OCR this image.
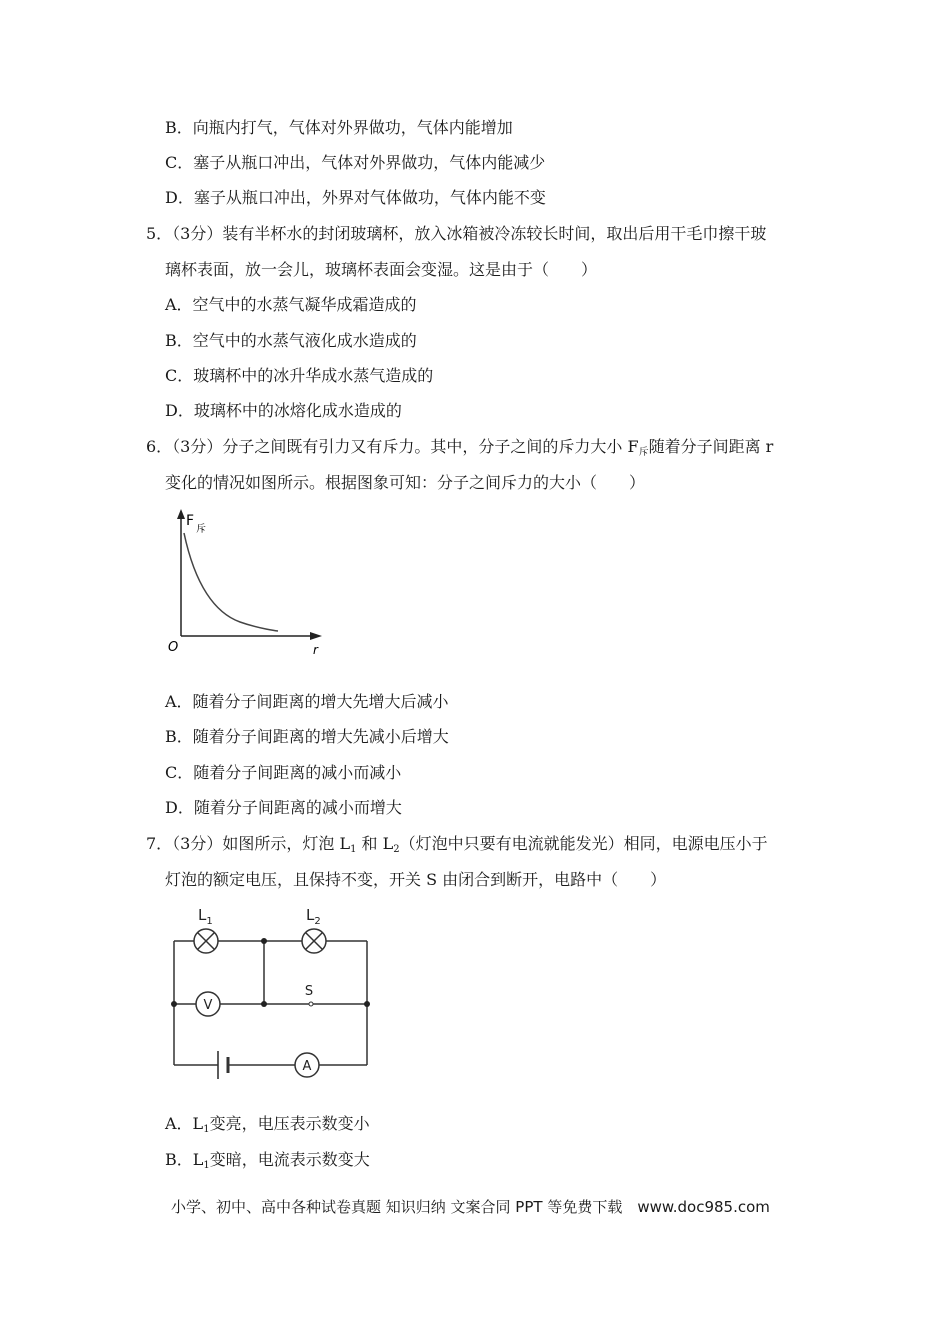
B．向瓶内打气，气体对外界做功，气体内能增加
C．塞子从瓶口冲出，气体对外界做功，气体内能减少
D．塞子从瓶口冲出，外界对气体做功，气体内能不变
5．（3分）装有半杯水的封闭玻璃杯，放入冰箱被冷冻较长时间，取出后用干毛巾擦干玻
璃杯表面，放一会儿，玻璃杯表面会变湿。这是由于（　　）
A．空气中的水蒸气凝华成霜造成的
B．空气中的水蒸气液化成水造成的
C．玻璃杯中的冰升华成水蒸气造成的
D．玻璃杯中的冰熔化成水造成的
6．（3分）分子之间既有引力又有斥力。其中，分子之间的斥力大小 $F_斥$随着分子间距离 r
变化的情况如图所示。根据图象可知：分子之间斥力的大小（　　）
F
斥
r
O
A．随着分子间距离的增大先增大后减小
B．随着分子间距离的增大先减小后增大
C．随着分子间距离的减小而减小
D．随着分子间距离的减小而增大
7．（3分）如图所示，灯泡 $L_1$ 和 $L_2$（灯泡中只要有电流就能发光）相同，电源电压小于
灯泡的额定电压，且保持不变，开关 S 由闭合到断开，电路中（　　）
V
A
S
$L_1$	$L_2$
A．$L_1$变亮，电压表示数变小
B．$L_1$变暗，电流表示数变大
小学、初中、高中各种试卷真题 知识归纳 文案合同 PPT 等免费下载　www.doc985.com
